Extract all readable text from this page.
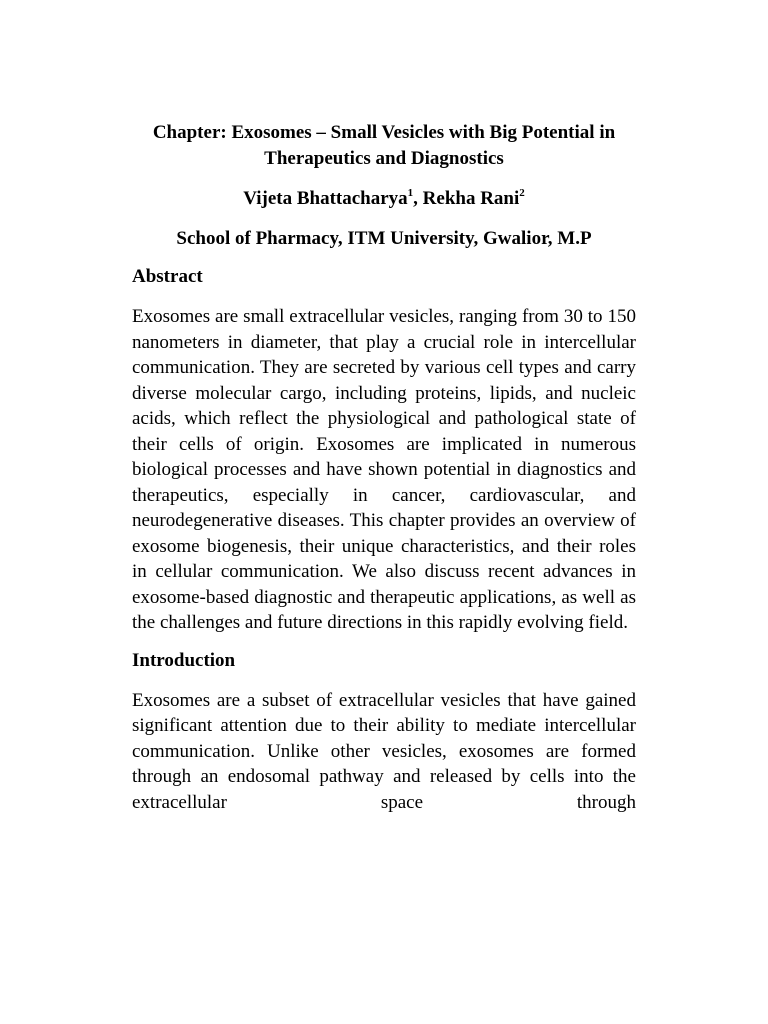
Chapter: Exosomes – Small Vesicles with Big Potential in Therapeutics and Diagnostics

Vijeta Bhattacharya$^1$, Rekha Rani$^2$

School of Pharmacy, ITM University, Gwalior, M.P

Abstract

Exosomes are small extracellular vesicles, ranging from 30 to 150 nanometers in diameter, that play a crucial role in intercellular communication. They are secreted by various cell types and carry diverse molecular cargo, including proteins, lipids, and nucleic acids, which reflect the physiological and pathological state of their cells of origin. Exosomes are implicated in numerous biological processes and have shown potential in diagnostics and therapeutics, especially in cancer, cardiovascular, and neurodegenerative diseases. This chapter provides an overview of exosome biogenesis, their unique characteristics, and their roles in cellular communication. We also discuss recent advances in exosome-based diagnostic and therapeutic applications, as well as the challenges and future directions in this rapidly evolving field.

Introduction

Exosomes are a subset of extracellular vesicles that have gained significant attention due to their ability to mediate intercellular communication. Unlike other vesicles, exosomes are formed through an endosomal pathway and released by cells into the extracellular space through
